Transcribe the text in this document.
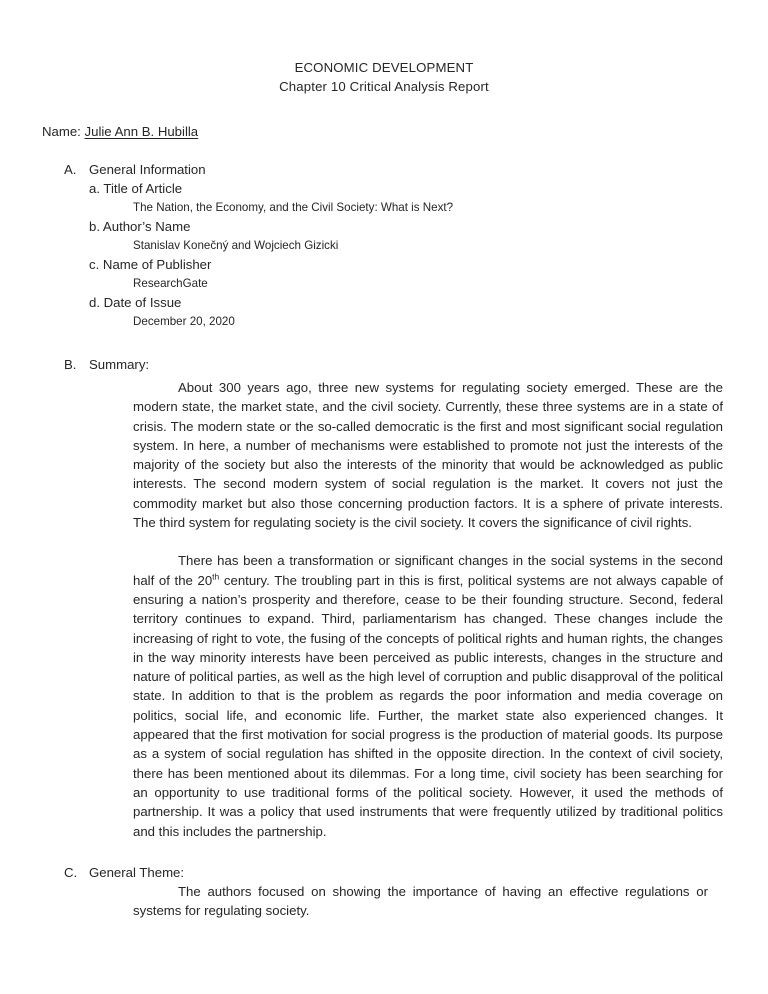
ECONOMIC DEVELOPMENT
Chapter 10 Critical Analysis Report
Name: Julie Ann B. Hubilla
A. General Information
a. Title of Article
The Nation, the Economy, and the Civil Society: What is Next?
b. Author’s Name
Stanislav Konečný and Wojciech Gizicki
c. Name of Publisher
ResearchGate
d. Date of Issue
December 20, 2020
B. Summary:

About 300 years ago, three new systems for regulating society emerged. These are the modern state, the market state, and the civil society. Currently, these three systems are in a state of crisis. The modern state or the so-called democratic is the first and most significant social regulation system. In here, a number of mechanisms were established to promote not just the interests of the majority of the society but also the interests of the minority that would be acknowledged as public interests. The second modern system of social regulation is the market. It covers not just the commodity market but also those concerning production factors. It is a sphere of private interests. The third system for regulating society is the civil society. It covers the significance of civil rights.

There has been a transformation or significant changes in the social systems in the second half of the 20th century. The troubling part in this is first, political systems are not always capable of ensuring a nation’s prosperity and therefore, cease to be their founding structure. Second, federal territory continues to expand. Third, parliamentarism has changed. These changes include the increasing of right to vote, the fusing of the concepts of political rights and human rights, the changes in the way minority interests have been perceived as public interests, changes in the structure and nature of political parties, as well as the high level of corruption and public disapproval of the political state. In addition to that is the problem as regards the poor information and media coverage on politics, social life, and economic life. Further, the market state also experienced changes. It appeared that the first motivation for social progress is the production of material goods. Its purpose as a system of social regulation has shifted in the opposite direction. In the context of civil society, there has been mentioned about its dilemmas. For a long time, civil society has been searching for an opportunity to use traditional forms of the political society. However, it used the methods of partnership. It was a policy that used instruments that were frequently utilized by traditional politics and this includes the partnership.

C. General Theme:

The authors focused on showing the importance of having an effective regulations or systems for regulating society.
